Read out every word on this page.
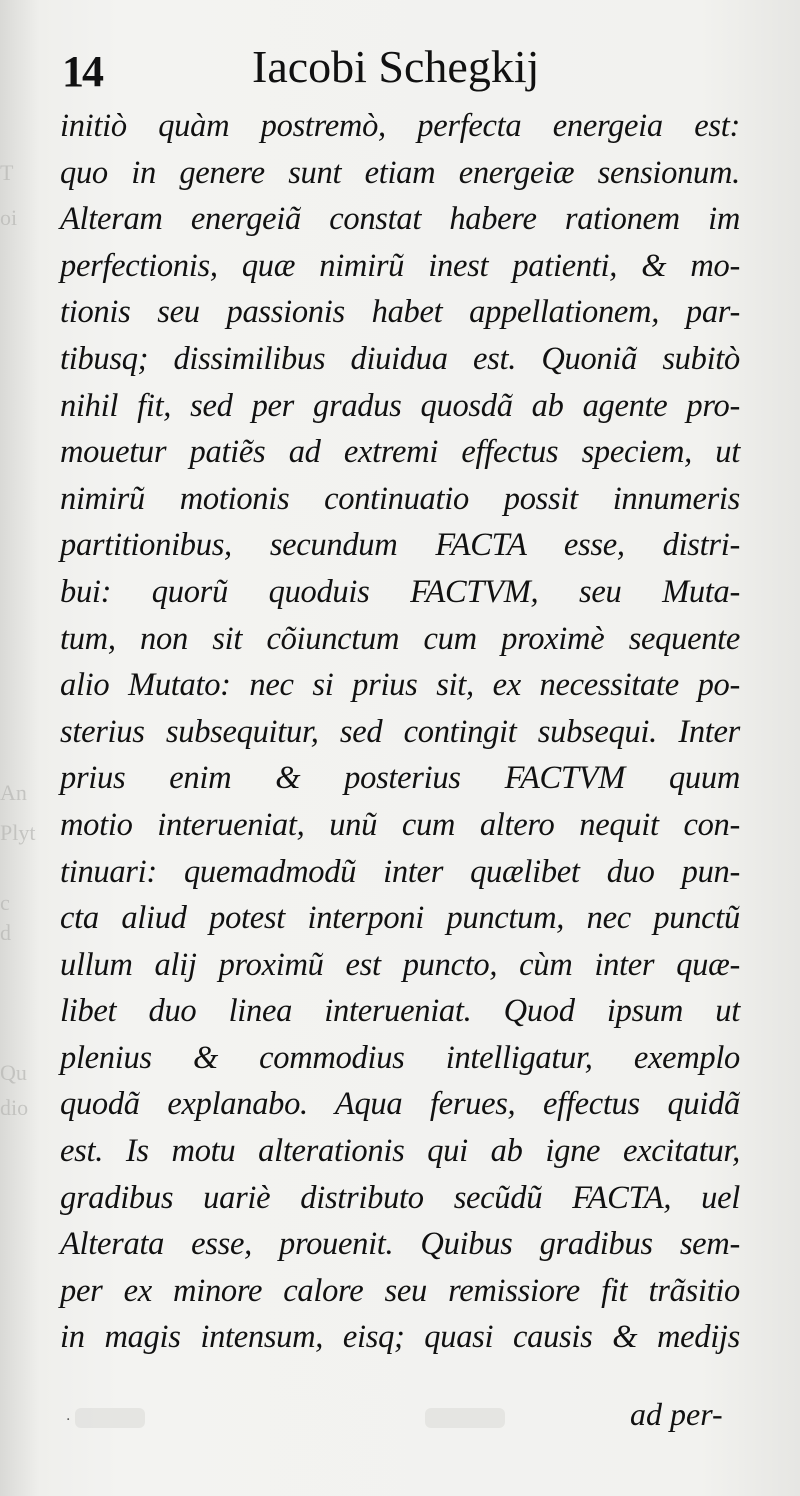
T
oi
An
Plyt
c
d
Qu
dio
14	Iacobi Schegkij
initiò quàm postremò, perfecta energeia est:
quo in genere sunt etiam energeiæ sensionum.
Alteram energeiã constat habere rationem im
perfectionis, quæ nimirũ inest patienti, & mo-
tionis seu passionis habet appellationem, par-
tibusq; dissimilibus diuidua est. Quoniã subitò
nihil fit, sed per gradus quosdã ab agente pro-
mouetur patiẽs ad extremi effectus speciem, ut
nimirũ motionis continuatio possit innumeris
partitionibus, secundum FACTA esse, distri-
bui: quorũ quoduis FACTVM, seu Muta-
tum, non sit cõiunctum cum proximè sequente
alio Mutato: nec si prius sit, ex necessitate po-
sterius subsequitur, sed contingit subsequi. Inter
prius enim & posterius FACTVM quum
motio interueniat, unũ cum altero nequit con-
tinuari: quemadmodũ inter quælibet duo pun-
cta aliud potest interponi punctum, nec punctũ
ullum alij proximũ est puncto, cùm inter quæ-
libet duo linea interueniat. Quod ipsum ut
plenius & commodius intelligatur, exemplo
quodã explanabo. Aqua ferues, effectus quidã
est. Is motu alterationis qui ab igne excitatur,
gradibus uariè distributo secũdũ FACTA, uel
Alterata esse, prouenit. Quibus gradibus sem-
per ex minore calore seu remissiore fit trãsitio
in magis intensum, eisq; quasi causis & medijs
·	ad per-
